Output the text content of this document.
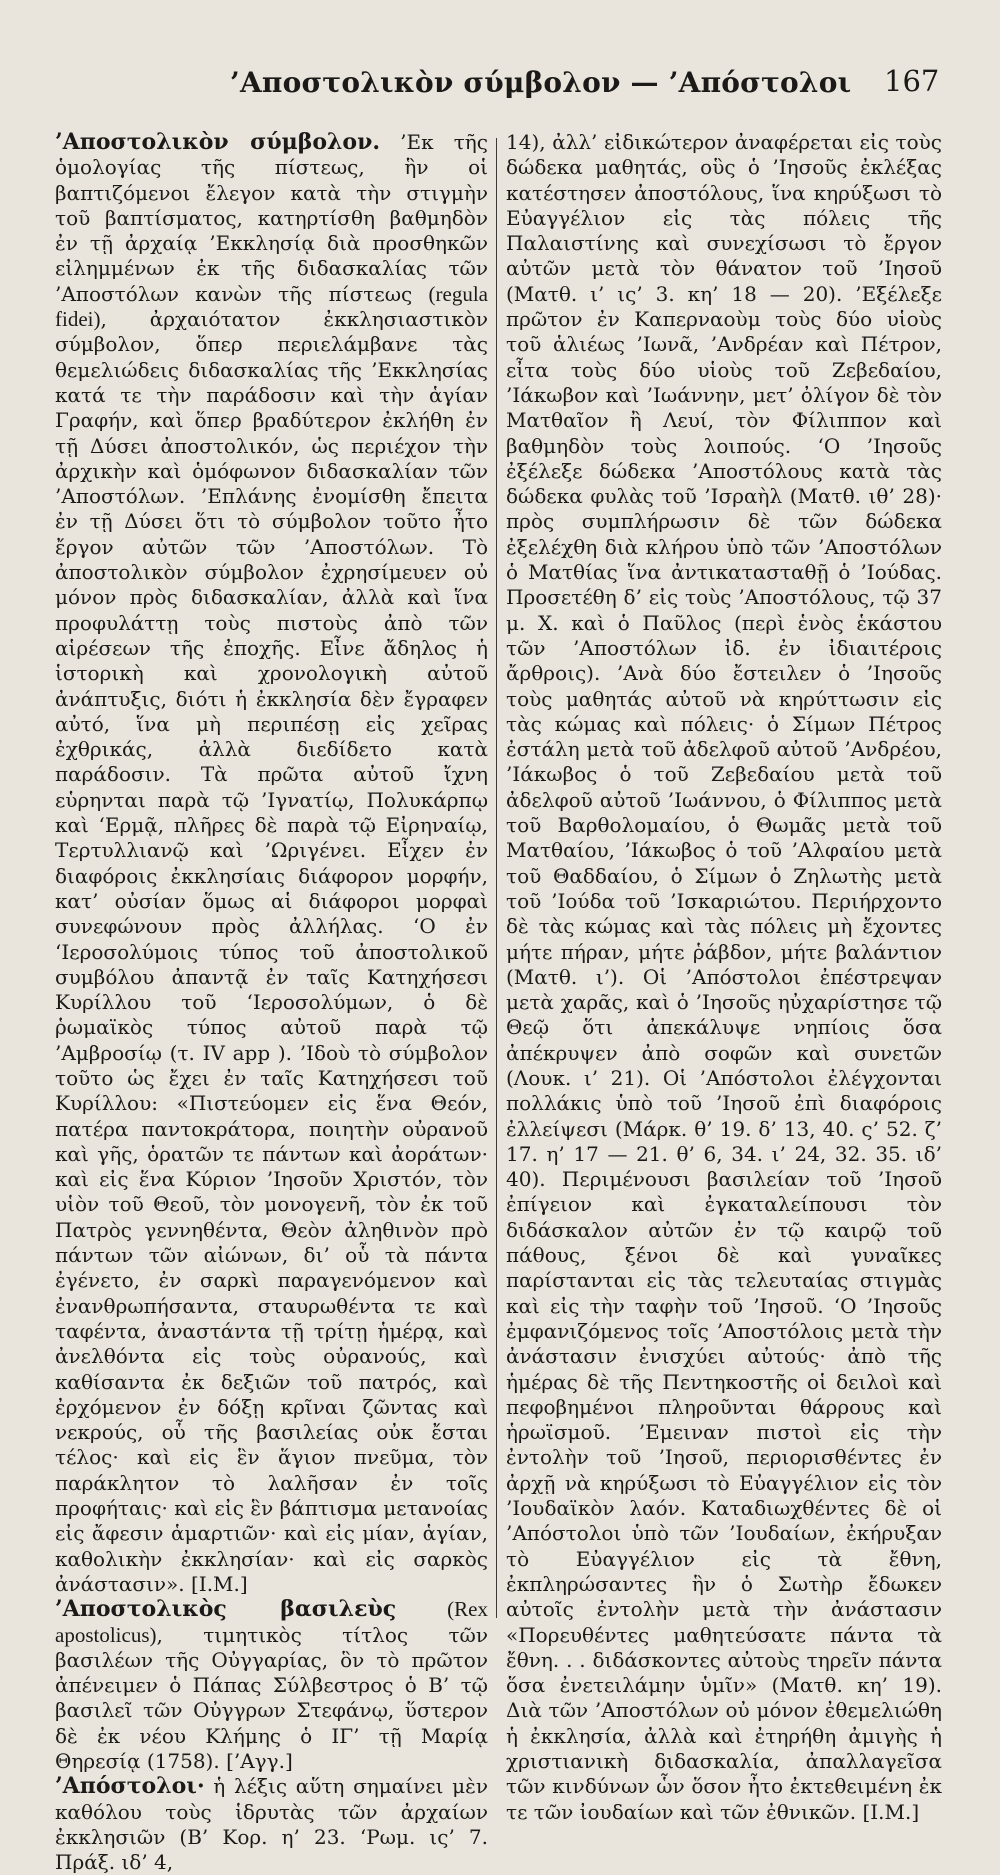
’Αποστολικὸν σύμβολον — ’Απόστολοι 167

’Αποστολικὸν σύμβολον. ’Εκ τῆς ὁμολογίας τῆς πίστεως, ἣν οἱ βαπτιζόμενοι ἔλεγον κατὰ τὴν στιγμὴν τοῦ βαπτίσματος, κατηρτίσθη βαθμηδὸν ἐν τῇ ἀρχαίᾳ ’Εκκλησίᾳ διὰ προσθηκῶν εἰλημμένων ἐκ τῆς διδασκαλίας τῶν ’Αποστόλων κανὼν τῆς πίστεως (regula fidei), ἀρχαιότατον ἐκκλησιαστικὸν σύμβολον, ὅπερ περιελάμβανε τὰς θεμελιώδεις διδασκαλίας τῆς ’Εκκλησίας κατά τε τὴν παράδοσιν καὶ τὴν ἁγίαν Γραφήν, καὶ ὅπερ βραδύτερον ἐκλήθη ἐν τῇ Δύσει ἀποστολικόν, ὡς περιέχον τὴν ἀρχικὴν καὶ ὁμόφωνον διδασκαλίαν τῶν ’Αποστόλων. ’Επλάνης ἐνομίσθη ἔπειτα ἐν τῇ Δύσει ὅτι τὸ σύμβολον τοῦτο ἦτο ἔργον αὐτῶν τῶν ’Αποστόλων. Τὸ ἀποστολικὸν σύμβολον ἐχρησίμευεν οὐ μόνον πρὸς διδασκαλίαν, ἀλλὰ καὶ ἵνα προφυλάττῃ τοὺς πιστοὺς ἀπὸ τῶν αἱρέσεων τῆς ἐποχῆς. Εἶνε ἄδηλος ἡ ἱστορικὴ καὶ χρονολογικὴ αὐτοῦ ἀνάπτυξις, διότι ἡ ἐκκλησία δὲν ἔγραφεν αὐτό, ἵνα μὴ περιπέσῃ εἰς χεῖρας ἐχθρικάς, ἀλλὰ διεδίδετο κατὰ παράδοσιν. Τὰ πρῶτα αὐτοῦ ἴχνη εὑρηνται παρὰ τῷ ’Ιγνατίῳ, Πολυκάρπῳ καὶ ‘Ερμᾷ, πλῆρες δὲ παρὰ τῷ Εἰρηναίῳ, Τερτυλλιανῷ καὶ ’Ωριγένει. Εἶχεν ἐν διαφόροις ἐκκλησίαις διάφορον μορφήν, κατ’ οὐσίαν ὅμως αἱ διάφοροι μορφαὶ συνεφώνουν πρὸς ἀλλήλας. ‘Ο ἐν ‘Ιεροσολύμοις τύπος τοῦ ἀποστολικοῦ συμβόλου ἀπαντᾷ ἐν ταῖς Κατηχήσεσι Κυρίλλου τοῦ ‘Ιεροσολύμων, ὁ δὲ ῥωμαϊκὸς τύπος αὐτοῦ παρὰ τῷ ’Αμβροσίῳ (τ. IV app ). ’Ιδοὺ τὸ σύμβολον τοῦτο ὡς ἔχει ἐν ταῖς Κατηχήσεσι τοῦ Κυρίλλου: «Πιστεύομεν εἰς ἕνα Θεόν, πατέρα παντοκράτορα, ποιητὴν οὐρανοῦ καὶ γῆς, ὁρατῶν τε πάντων καὶ ἀοράτων· καὶ εἰς ἕνα Κύριον ’Ιησοῦν Χριστόν, τὸν υἱὸν τοῦ Θεοῦ, τὸν μονογενῆ, τὸν ἐκ τοῦ Πατρὸς γεννηθέντα, Θεὸν ἀληθινὸν πρὸ πάντων τῶν αἰώνων, δι’ οὗ τὰ πάντα ἐγένετο, ἐν σαρκὶ παραγενόμενον καὶ ἐνανθρωπήσαντα, σταυρωθέντα τε καὶ ταφέντα, ἀναστάντα τῇ τρίτῃ ἡμέρᾳ, καὶ ἀνελθόντα εἰς τοὺς οὐρανούς, καὶ καθίσαντα ἐκ δεξιῶν τοῦ πατρός, καὶ ἐρχόμενον ἐν δόξῃ κρῖναι ζῶντας καὶ νεκρούς, οὗ τῆς βασιλείας οὐκ ἔσται τέλος· καὶ εἰς ἓν ἅγιον πνεῦμα, τὸν παράκλητον τὸ λαλῆσαν ἐν τοῖς προφήταις· καὶ εἰς ἓν βάπτισμα μετανοίας εἰς ἄφεσιν ἁμαρτιῶν· καὶ εἰς μίαν, ἁγίαν, καθολικὴν ἐκκλησίαν· καὶ εἰς σαρκὸς ἀνάστασιν». [Ι.Μ.]

’Αποστολικὸς βασιλεὺς (Rex apostolicus), τιμητικὸς τίτλος τῶν βασιλέων τῆς Οὐγγαρίας, ὃν τὸ πρῶτον ἀπένειμεν ὁ Πάπας Σύλβεστρος ὁ Β’ τῷ βασιλεῖ τῶν Οὐγγρων Στεφάνῳ, ὕστερον δὲ ἐκ νέου Κλήμης ὁ ΙΓ’ τῇ Μαρίᾳ Θηρεσίᾳ (1758). [’Αγγ.]

’Απόστολοι· ἡ λέξις αὕτη σημαίνει μὲν καθόλου τοὺς ἱδρυτὰς τῶν ἀρχαίων ἐκκλησιῶν (Β’ Κορ. η’ 23. ‘Ρωμ. ις’ 7. Πράξ. ιδ’ 4,

14), ἀλλ’ εἰδικώτερον ἀναφέρεται εἰς τοὺς δώδεκα μαθητάς, οὓς ὁ ’Ιησοῦς ἐκλέξας κατέστησεν ἀποστόλους, ἵνα κηρύξωσι τὸ Εὐαγγέλιον εἰς τὰς πόλεις τῆς Παλαιστίνης καὶ συνεχίσωσι τὸ ἔργον αὐτῶν μετὰ τὸν θάνατον τοῦ ’Ιησοῦ (Ματθ. ι’ ις’ 3. κη’ 18 — 20). ’Εξέλεξε πρῶτον ἐν Καπερναοὺμ τοὺς δύο υἱοὺς τοῦ ἁλιέως ’Ιωνᾶ, ’Ανδρέαν καὶ Πέτρον, εἶτα τοὺς δύο υἱοὺς τοῦ Ζεβεδαίου, ’Ιάκωβον καὶ ’Ιωάννην, μετ’ ὀλίγον δὲ τὸν Ματθαῖον ἢ Λευί, τὸν Φίλιππον καὶ βαθμηδὸν τοὺς λοιπούς. ‘Ο ’Ιησοῦς ἐξέλεξε δώδεκα ’Αποστόλους κατὰ τὰς δώδεκα φυλὰς τοῦ ’Ισραὴλ (Ματθ. ιθ’ 28)· πρὸς συμπλήρωσιν δὲ τῶν δώδεκα ἐξελέχθη διὰ κλήρου ὑπὸ τῶν ’Αποστόλων ὁ Ματθίας ἵνα ἀντικατασταθῇ ὁ ’Ιούδας. Προσετέθη δ’ εἰς τοὺς ’Αποστόλους, τῷ 37 μ. Χ. καὶ ὁ Παῦλος (περὶ ἑνὸς ἑκάστου τῶν ’Αποστόλων ἰδ. ἐν ἰδιαιτέροις ἄρθροις). ’Ανὰ δύο ἔστειλεν ὁ ’Ιησοῦς τοὺς μαθητάς αὐτοῦ νὰ κηρύττωσιν εἰς τὰς κώμας καὶ πόλεις· ὁ Σίμων Πέτρος ἐστάλη μετὰ τοῦ ἀδελφοῦ αὐτοῦ ’Ανδρέου, ’Ιάκωβος ὁ τοῦ Ζεβεδαίου μετὰ τοῦ ἀδελφοῦ αὐτοῦ ’Ιωάννου, ὁ Φίλιππος μετὰ τοῦ Βαρθολομαίου, ὁ Θωμᾶς μετὰ τοῦ Ματθαίου, ’Ιάκωβος ὁ τοῦ ’Αλφαίου μετὰ τοῦ Θαδδαίου, ὁ Σίμων ὁ Ζηλωτὴς μετὰ τοῦ ’Ιούδα τοῦ ’Ισκαριώτου. Περιήρχοντο δὲ τὰς κώμας καὶ τὰς πόλεις μὴ ἔχοντες μήτε πήραν, μήτε ῥάβδον, μήτε βαλάντιον (Ματθ. ι’). Οἱ ’Απόστολοι ἐπέστρεψαν μετὰ χαρᾶς, καὶ ὁ ’Ιησοῦς ηὐχαρίστησε τῷ Θεῷ ὅτι ἀπεκάλυψε νηπίοις ὅσα ἀπέκρυψεν ἀπὸ σοφῶν καὶ συνετῶν (Λουκ. ι’ 21). Οἱ ’Απόστολοι ἐλέγχονται πολλάκις ὑπὸ τοῦ ’Ιησοῦ ἐπὶ διαφόροις ἐλλείψεσι (Μάρκ. θ’ 19. δ’ 13, 40. ς’ 52. ζ’ 17. η’ 17 — 21. θ’ 6, 34. ι’ 24, 32. 35. ιδ’ 40). Περιμένουσι βασιλείαν τοῦ ’Ιησοῦ ἐπίγειον καὶ ἐγκαταλείπουσι τὸν διδάσκαλον αὐτῶν ἐν τῷ καιρῷ τοῦ πάθους, ξένοι δὲ καὶ γυναῖκες παρίστανται εἰς τὰς τελευταίας στιγμὰς καὶ εἰς τὴν ταφὴν τοῦ ’Ιησοῦ. ‘Ο ’Ιησοῦς ἐμφανιζόμενος τοῖς ’Αποστόλοις μετὰ τὴν ἀνάστασιν ἐνισχύει αὐτούς· ἀπὸ τῆς ἡμέρας δὲ τῆς Πεντηκοστῆς οἱ δειλοὶ καὶ πεφοβημένοι πληροῦνται θάρρους καὶ ἡρωϊσμοῦ. ’Εμειναν πιστοὶ εἰς τὴν ἐντολὴν τοῦ ’Ιησοῦ, περιορισθέντες ἐν ἀρχῇ νὰ κηρύξωσι τὸ Εὐαγγέλιον εἰς τὸν ’Ιουδαϊκὸν λαόν. Καταδιωχθέντες δὲ οἱ ’Απόστολοι ὑπὸ τῶν ’Ιουδαίων, ἐκήρυξαν τὸ Εὐαγγέλιον εἰς τὰ ἔθνη, ἐκπληρώσαντες ἣν ὁ Σωτὴρ ἔδωκεν αὐτοῖς ἐντολὴν μετὰ τὴν ἀνάστασιν «Πορευθέντες μαθητεύσατε πάντα τὰ ἔθνη. . . διδάσκοντες αὐτοὺς τηρεῖν πάντα ὅσα ἐνετειλάμην ὑμῖν» (Ματθ. κη’ 19). Διὰ τῶν ’Αποστόλων οὐ μόνον ἐθεμελιώθη ἡ ἐκκλησία, ἀλλὰ καὶ ἐτηρήθη ἀμιγὴς ἡ χριστιανικὴ διδασκαλία, ἀπαλλαγεῖσα τῶν κινδύνων ὧν ὅσον ἦτο ἐκτεθειμένη ἐκ τε τῶν ἰουδαίων καὶ τῶν ἐθνικῶν. [Ι.Μ.]
